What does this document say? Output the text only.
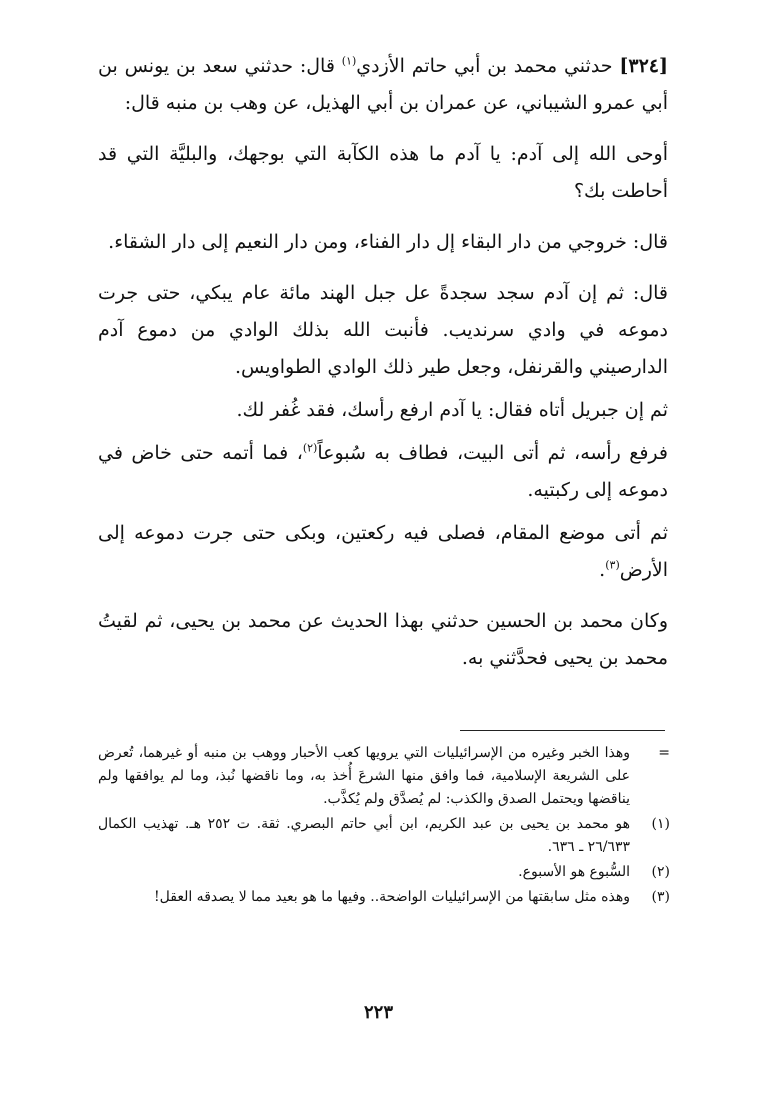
[٣٢٤] حدثني محمد بن أبي حاتم الأزدي$^{(١)}$ قال: حدثني سعد بن يونس بن أبي عمرو الشيباني، عن عمران بن أبي الهذيل، عن وهب بن منبه قال:

أوحى الله إلى آدم: يا آدم ما هذه الكآبة التي بوجهك، والبليَّة التي قد أحاطت بك؟

قال: خروجي من دار البقاء إل دار الفناء، ومن دار النعيم إلى دار الشقاء.

قال: ثم إن آدم سجد سجدةً عل جبل الهند مائة عام يبكي، حتى جرت دموعه في وادي سرنديب. فأنبت الله بذلك الوادي من دموع آدم الدارصيني والقرنفل، وجعل طير ذلك الوادي الطواويس.

ثم إن جبريل أتاه فقال: يا آدم ارفع رأسك، فقد غُفر لك.

فرفع رأسه، ثم أتى البيت، فطاف به سُبوعاً$^{(٢)}$، فما أتمه حتى خاض في دموعه إلى ركبتيه.

ثم أتى موضع المقام، فصلى فيه ركعتين، وبكى حتى جرت دموعه إلى الأرض$^{(٣)}$.

وكان محمد بن الحسين حدثني بهذا الحديث عن محمد بن يحيى، ثم لقيتُ محمد بن يحيى فحدَّثني به.

=
وهذا الخبر وغيره من الإسرائيليات التي يرويها كعب الأحبار ووهب بن منبه أو غيرهما، تُعرض على الشريعة الإسلامية، فما وافق منها الشرعَ أُخذ به، وما ناقضها نُبذ، وما لم يوافقها ولم يناقضها ويحتمل الصدق والكذب: لم يُصدَّق ولم يُكذَّب.
(١)
هو محمد بن يحيى بن عبد الكريم، ابن أبي حاتم البصري. ثقة. ت ٢٥٢ هـ. تهذيب الكمال ٢٦/٦٣٣ ـ ٦٣٦.
(٢)
السُّبوع هو الأسبوع.
(٣)
وهذه مثل سابقتها من الإسرائيليات الواضحة.. وفيها ما هو بعيد مما لا يصدقه العقل!
٢٢٣
